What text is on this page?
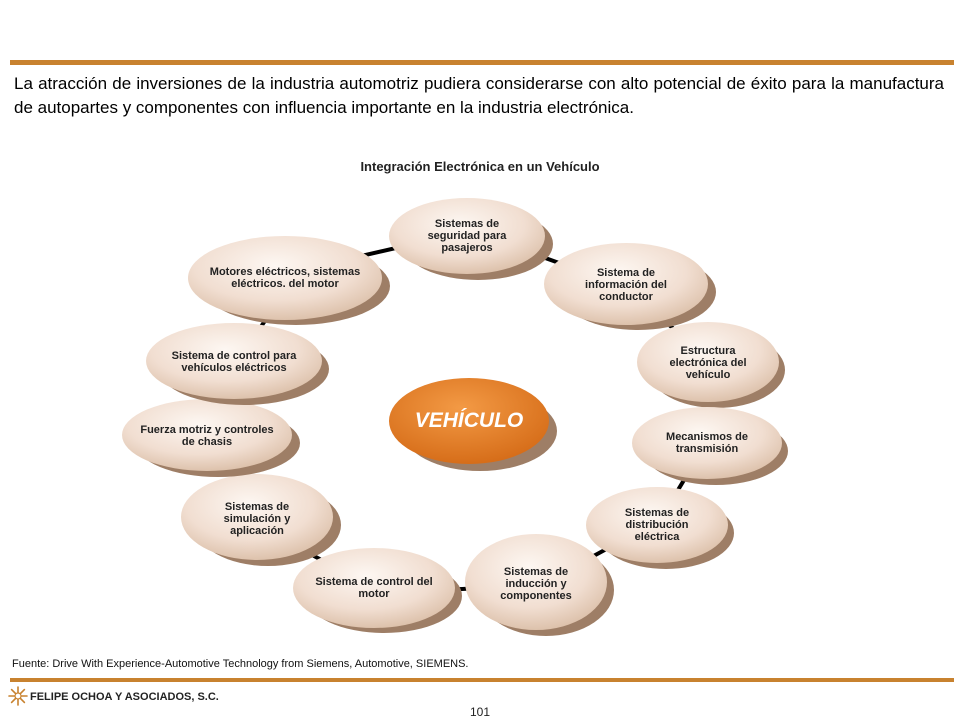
La atracción de inversiones de la industria automotriz pudiera considerarse con alto potencial de éxito para la manufactura de autopartes y componentes con influencia importante en la industria electrónica.
Integración Electrónica en un Vehículo
VEHÍCULO
Sistemas de seguridad para pasajeros
Sistema de información del conductor
Estructura electrónica del vehículo
Mecanismos de transmisión
Sistemas de distribución eléctrica
Sistemas de inducción y componentes
Sistema de control del motor
Sistemas de simulación y aplicación
Fuerza motriz y controles de chasis
Sistema de control para vehículos eléctricos
Motores eléctricos, sistemas eléctricos. del motor
Fuente: Drive With Experience-Automotive Technology from Siemens, Automotive, SIEMENS.
FELIPE OCHOA Y ASOCIADOS, S.C.
101
